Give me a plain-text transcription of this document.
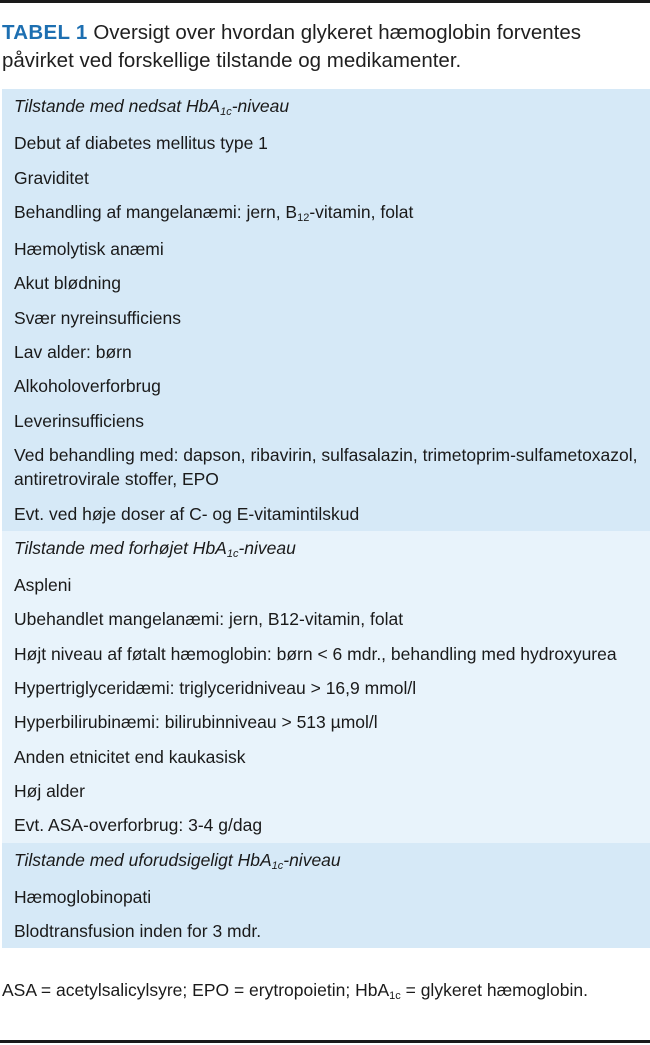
TABEL 1 Oversigt over hvordan glykeret hæmoglobin forventes påvirket ved forskellige tilstande og medikamenter.
Tilstande med nedsat HbA1c-niveau
Debut af diabetes mellitus type 1
Graviditet
Behandling af mangelanæmi: jern, B12-vitamin, folat
Hæmolytisk anæmi
Akut blødning
Svær nyreinsufficiens
Lav alder: børn
Alkoholoverforbrug
Leverinsufficiens
Ved behandling med: dapson, ribavirin, sulfasalazin, trimetoprim-sulfametoxazol, antiretrovirale stoffer, EPO
Evt. ved høje doser af C- og E-vitamintilskud
Tilstande med forhøjet HbA1c-niveau
Aspleni
Ubehandlet mangelanæmi: jern, B12-vitamin, folat
Højt niveau af føtalt hæmoglobin: børn < 6 mdr., behandling med hydroxyurea
Hypertriglyceridæmi: triglyceridniveau > 16,9 mmol/l
Hyperbilirubinæmi: bilirubinniveau > 513 µmol/l
Anden etnicitet end kaukasisk
Høj alder
Evt. ASA-overforbrug: 3-4 g/dag
Tilstande med uforudsigeligt HbA1c-niveau
Hæmoglobinopati
Blodtransfusion inden for 3 mdr.
ASA = acetylsalicylsyre; EPO = erytropoietin; HbA1c = glykeret hæmoglobin.
